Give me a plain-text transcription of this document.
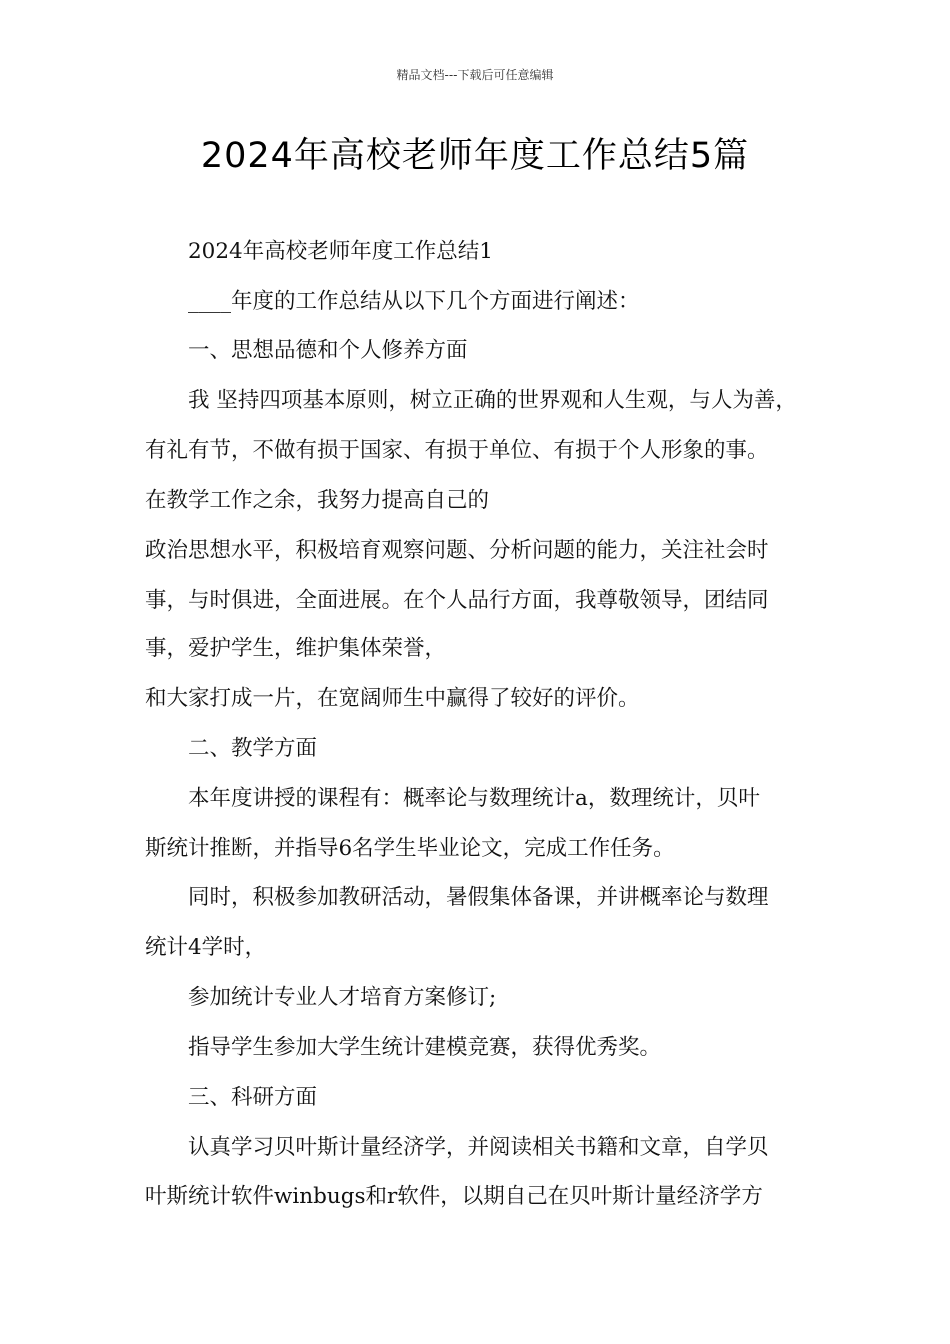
精品文档---下载后可任意编辑
2024年高校老师年度工作总结5篇
2024年高校老师年度工作总结1
____年度的工作总结从以下几个方面进行阐述：
一、思想品德和个人修养方面
我 坚持四项基本原则，树立正确的世界观和人生观，与人为善，
有礼有节，不做有损于国家、有损于单位、有损于个人形象的事。
在教学工作之余，我努力提高自己的
政治思想水平，积极培育观察问题、分析问题的能力，关注社会时
事，与时俱进，全面进展。在个人品行方面，我尊敬领导，团结同
事，爱护学生，维护集体荣誉，
和大家打成一片，在宽阔师生中赢得了较好的评价。
二、教学方面
本年度讲授的课程有：概率论与数理统计a，数理统计，贝叶
斯统计推断，并指导6名学生毕业论文，完成工作任务。
同时，积极参加教研活动，暑假集体备课，并讲概率论与数理
统计4学时，
参加统计专业人才培育方案修订;
指导学生参加大学生统计建模竞赛，获得优秀奖。
三、科研方面
认真学习贝叶斯计量经济学，并阅读相关书籍和文章，自学贝
叶斯统计软件winbugs和r软件，以期自己在贝叶斯计量经济学方
